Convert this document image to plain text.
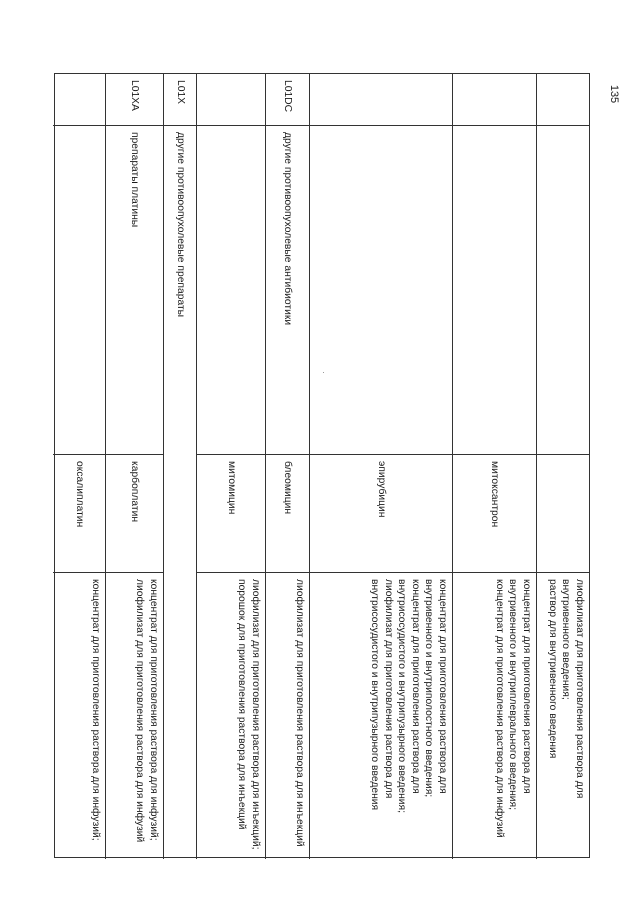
135
лиофилизат для приготовления раствора для внутривенного введения;
раствор для внутривенного введения
митоксантрон
концентрат для приготовления раствора для внутривенного и внутриплеврального введения;
концентрат для приготовления раствора для инфузий
эпирубицин
концентрат для приготовления раствора для внутривенного и внутриполостного введения;
концентрат для приготовления раствора для внутрисосудистого и внутрипузырного введения;
лиофилизат для приготовления раствора для внутрисосудистого и внутрипузырного введения
L01DC
другие противоопухолевые антибиотики
блеомицин
лиофилизат для приготовления раствора для инъекций
митомицин
лиофилизат для приготовления раствора для инъекций;
порошок для приготовления раствора для инъекций
L01X
другие противоопухолевые препараты
L01XA
препараты платины
карбоплатин
концентрат для приготовления раствора для инфузий;
лиофилизат для приготовления раствора для инфузий
оксалиплатин
концентрат для приготовления раствора для инфузий;
